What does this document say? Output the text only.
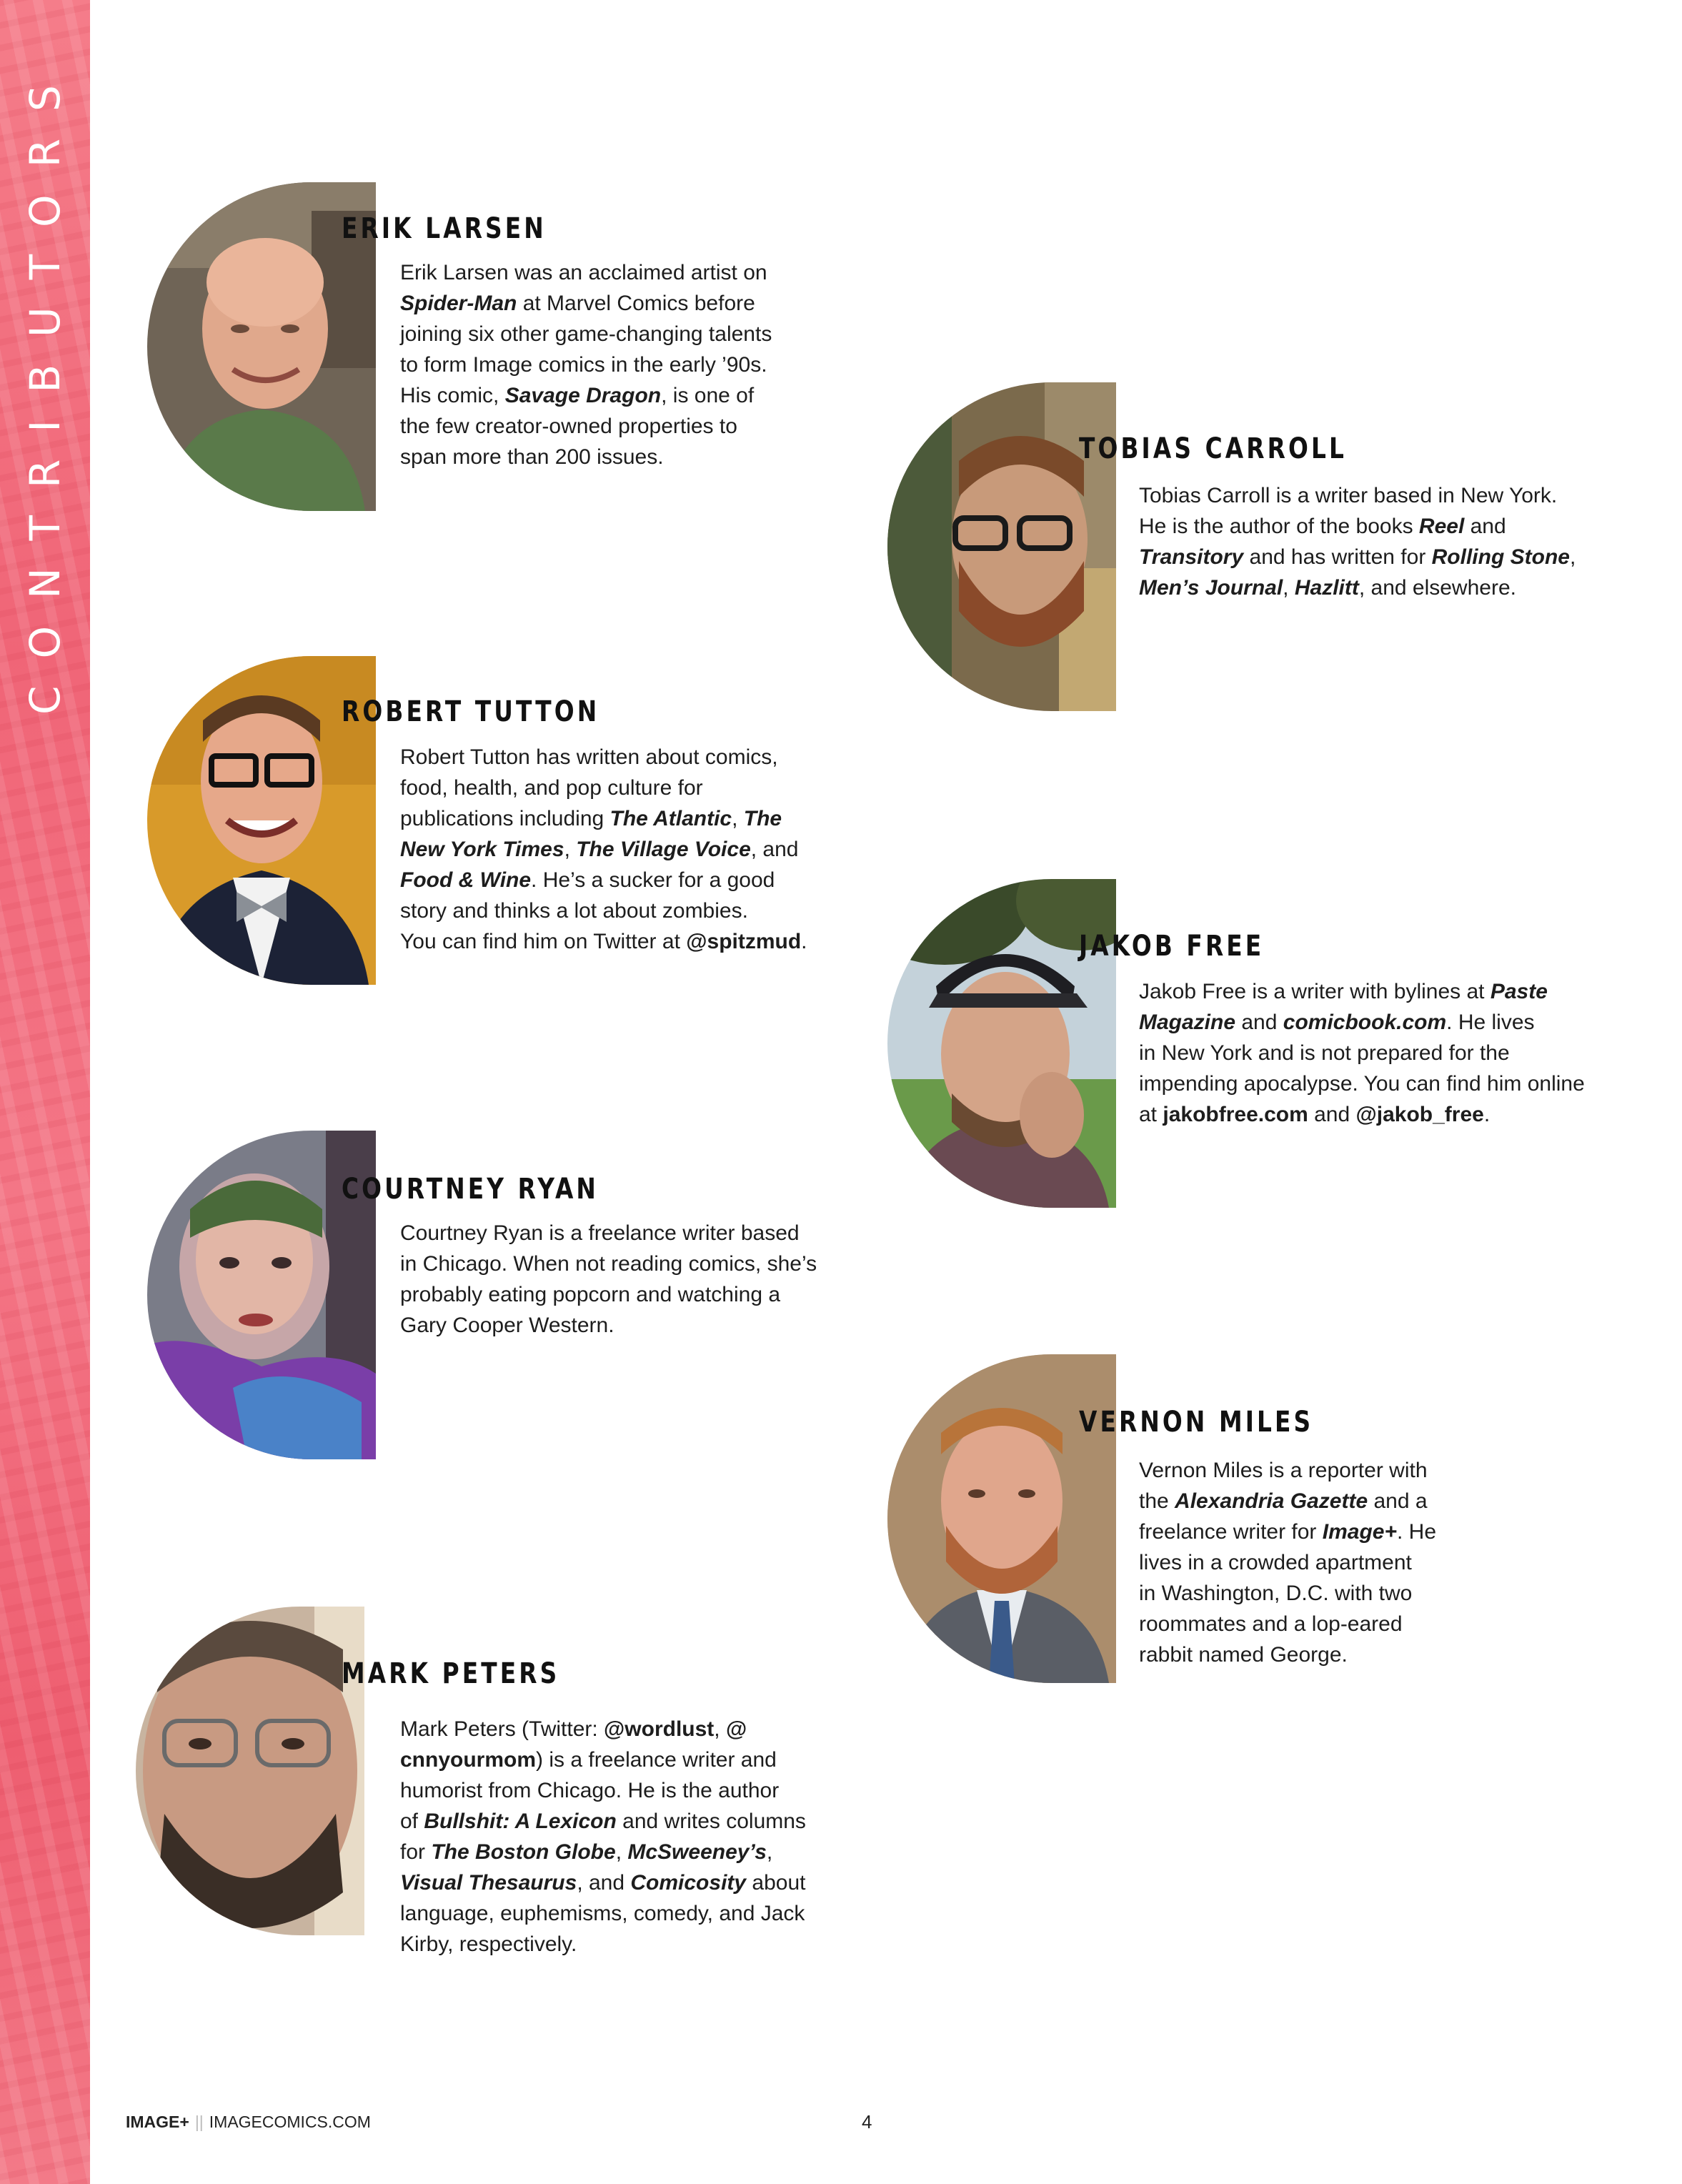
CONTRIBUTORS	ERIK LARSEN
Erik Larsen was an acclaimed artist on
Spider-Man at Marvel Comics before
joining six other game-changing talents
to form Image comics in the early ’90s.
His comic, Savage Dragon, is one of
the few creator-owned properties to
span more than 200 issues.	TOBIAS CARROLL
Tobias Carroll is a writer based in New York.
He is the author of the books Reel and
Transitory and has written for Rolling Stone,
Men’s Journal, Hazlitt, and elsewhere.
ROBERT TUTTON
Robert Tutton has written about comics,
food, health, and pop culture for
publications including The Atlantic, The
New York Times, The Village Voice, and
Food & Wine. He’s a sucker for a good
story and thinks a lot about zombies.
You can find him on Twitter at @spitzmud.	JAKOB FREE
Jakob Free is a writer with bylines at Paste
Magazine and comicbook.com. He lives
in New York and is not prepared for the
impending apocalypse. You can find him online
at jakobfree.com and @jakob_free.
COURTNEY RYAN
Courtney Ryan is a freelance writer based
in Chicago. When not reading comics, she’s
probably eating popcorn and watching a
Gary Cooper Western.
VERNON MILES
Vernon Miles is a reporter with
the Alexandria Gazette and a
freelance writer for Image+. He
lives in a crowded apartment
in Washington, D.C. with two
roommates and a lop-eared
rabbit named George.
MARK PETERS
Mark Peters (Twitter: @wordlust, @
cnnyourmom) is a freelance writer and
humorist from Chicago. He is the author
of Bullshit: A Lexicon and writes columns
for The Boston Globe, McSweeney’s,
Visual Thesaurus, and Comicosity about
language, euphemisms, comedy, and Jack
Kirby, respectively.
IMAGE+ || IMAGECOMICS.COM	4
